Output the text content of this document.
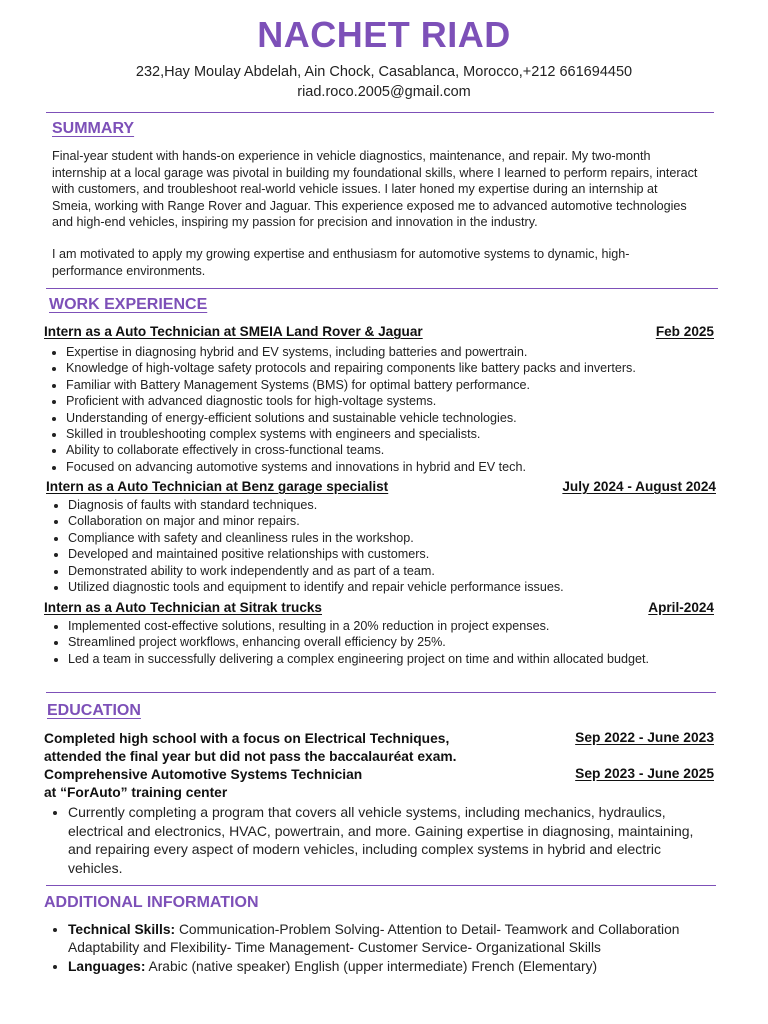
NACHET RIAD
232,Hay Moulay Abdelah, Ain Chock, Casablanca, Morocco,+212 661694450
riad.roco.2005@gmail.com
SUMMARY
Final-year student with hands-on experience in vehicle diagnostics, maintenance, and repair. My two-month internship at a local garage was pivotal in building my foundational skills, where I learned to perform repairs, interact with customers, and troubleshoot real-world vehicle issues. I later honed my expertise during an internship at Smeia, working with Range Rover and Jaguar. This experience exposed me to advanced automotive technologies and high-end vehicles, inspiring my passion for precision and innovation in the industry.
I am motivated to apply my growing expertise and enthusiasm for automotive systems to dynamic, high-performance environments.
WORK EXPERIENCE
Intern as a Auto Technician at SMEIA Land Rover & Jaguar	Feb 2025
• Expertise in diagnosing hybrid and EV systems, including batteries and powertrain.
• Knowledge of high-voltage safety protocols and repairing components like battery packs and inverters.
• Familiar with Battery Management Systems (BMS) for optimal battery performance.
• Proficient with advanced diagnostic tools for high-voltage systems.
• Understanding of energy-efficient solutions and sustainable vehicle technologies.
• Skilled in troubleshooting complex systems with engineers and specialists.
• Ability to collaborate effectively in cross-functional teams.
• Focused on advancing automotive systems and innovations in hybrid and EV tech.
Intern as a Auto Technician at Benz garage specialist	July 2024 - August 2024
• Diagnosis of faults with standard techniques.
• Collaboration on major and minor repairs.
• Compliance with safety and cleanliness rules in the workshop.
• Developed and maintained positive relationships with customers.
• Demonstrated ability to work independently and as part of a team.
• Utilized diagnostic tools and equipment to identify and repair vehicle performance issues.
Intern as a Auto Technician at Sitrak trucks	April-2024
• Implemented cost-effective solutions, resulting in a 20% reduction in project expenses.
• Streamlined project workflows, enhancing overall efficiency by 25%.
• Led a team in successfully delivering a complex engineering project on time and within allocated budget.
EDUCATION
Completed high school with a focus on Electrical Techniques,
attended the final year but did not pass the baccalauréat exam.
Sep 2022 - June 2023
Comprehensive Automotive Systems Technician
at “ForAuto” training center
Sep 2023 - June 2025
• Currently completing a program that covers all vehicle systems, including mechanics, hydraulics, electrical and electronics, HVAC, powertrain, and more. Gaining expertise in diagnosing, maintaining, and repairing every aspect of modern vehicles, including complex systems in hybrid and electric vehicles.
ADDITIONAL INFORMATION
• Technical Skills: Communication-Problem Solving- Attention to Detail- Teamwork and Collaboration Adaptability and Flexibility- Time Management- Customer Service- Organizational Skills
• Languages: Arabic (native speaker) English (upper intermediate) French (Elementary)
